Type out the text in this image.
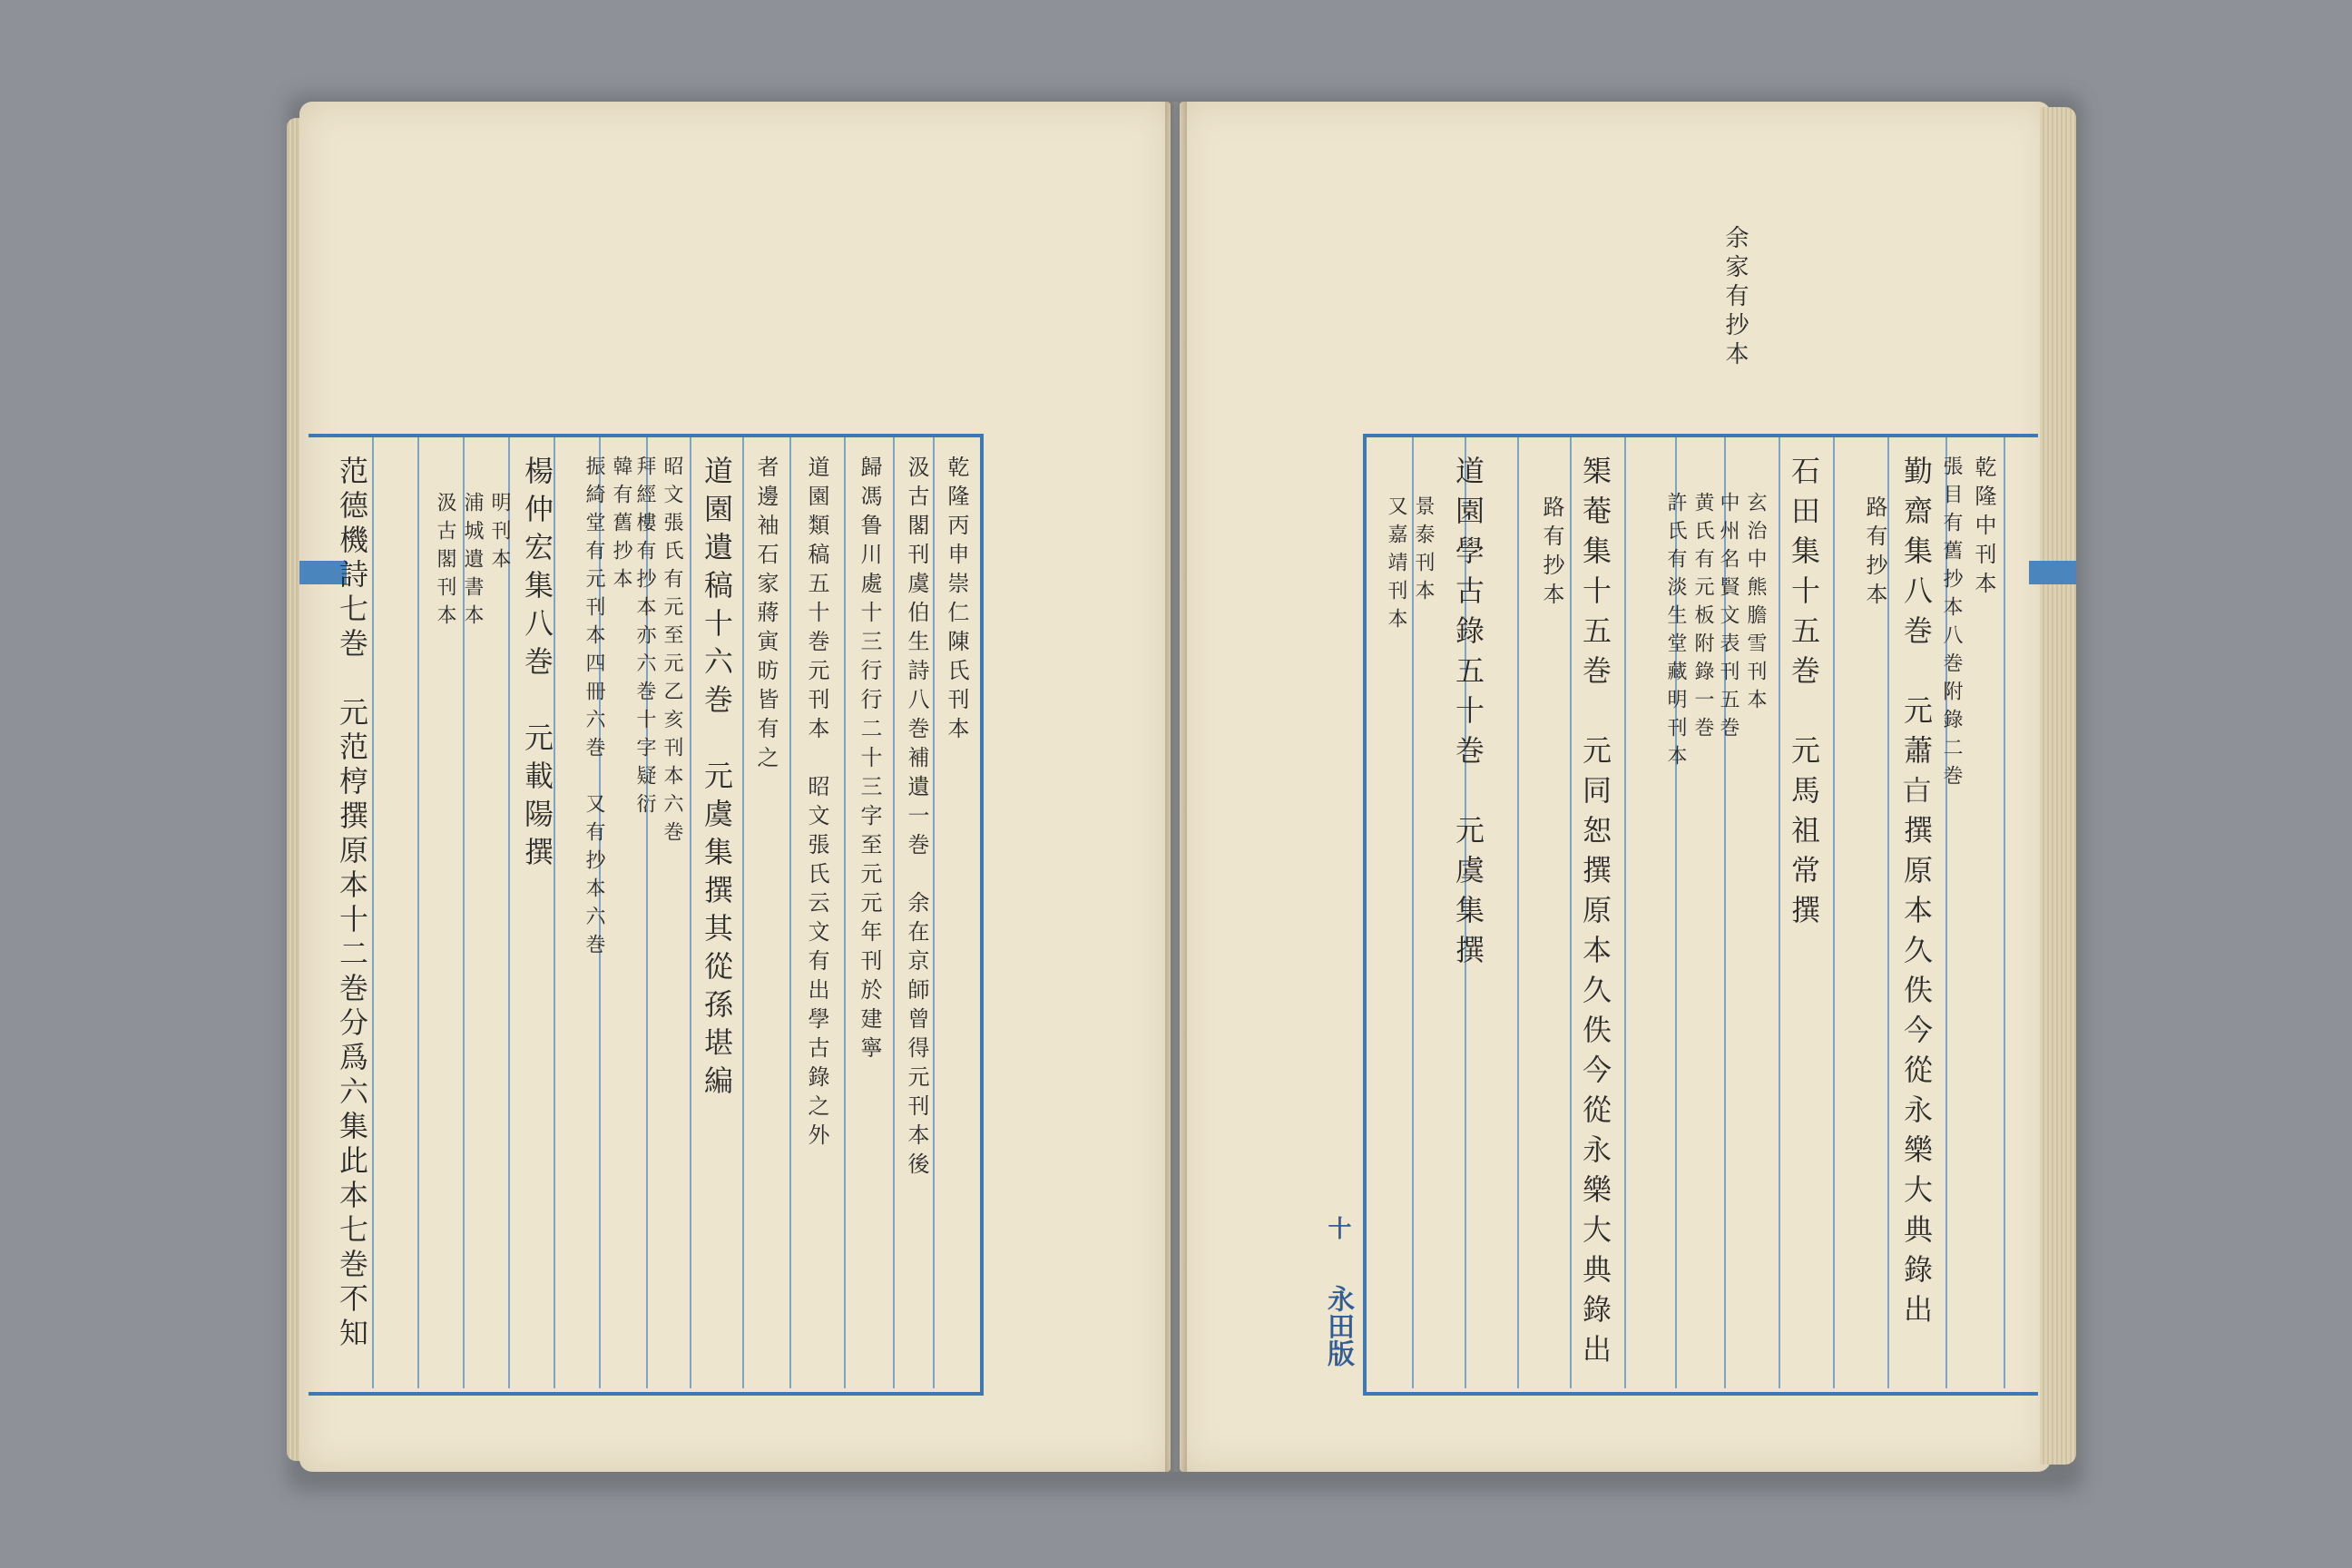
乾隆丙申崇仁陳氏刊本
汲古閣刊虞伯生詩八巻補遺一巻　余在京師曾得元刊本後
歸馮鲁川處十三行行二十三字至元元年刊於建寧
道園類稿五十巻元刊本　昭文張氏云文有出學古錄之外
者邊袖石家蔣寅昉皆有之
道園遺稿十六巻　元虞集撰其從孫堪編
昭文張氏有元至元乙亥刊本六巻
拜經樓有抄本亦六巻十字疑衍
韓有舊抄本
振綺堂有元刊本四冊六巻　又有抄本六巻
楊仲宏集八巻　元載陽撰
明刊本
浦城遺書本
汲古閣刊本
范德機詩七巻　元范梈撰原本十二巻分爲六集此本七巻不知
余家有抄本
乾隆中刊本
勤齋集八巻　元蕭𣅀撰原本久佚今從永樂大典錄出
路有抄本
石田集十五巻　元馬祖常撰
玄治中熊膽雪刊本
中州名賢文表刊五巻
黄氏有元板附錄一巻
許氏有淡生堂藏明刊本
榘菴集十五巻　元同恕撰原本久佚今從永樂大典錄出
路有抄本
道園學古錄五十巻　元虞集撰
景泰刊本
又嘉靖刊本	張目有舊抄本八巻附錄二巻
十
永田版
